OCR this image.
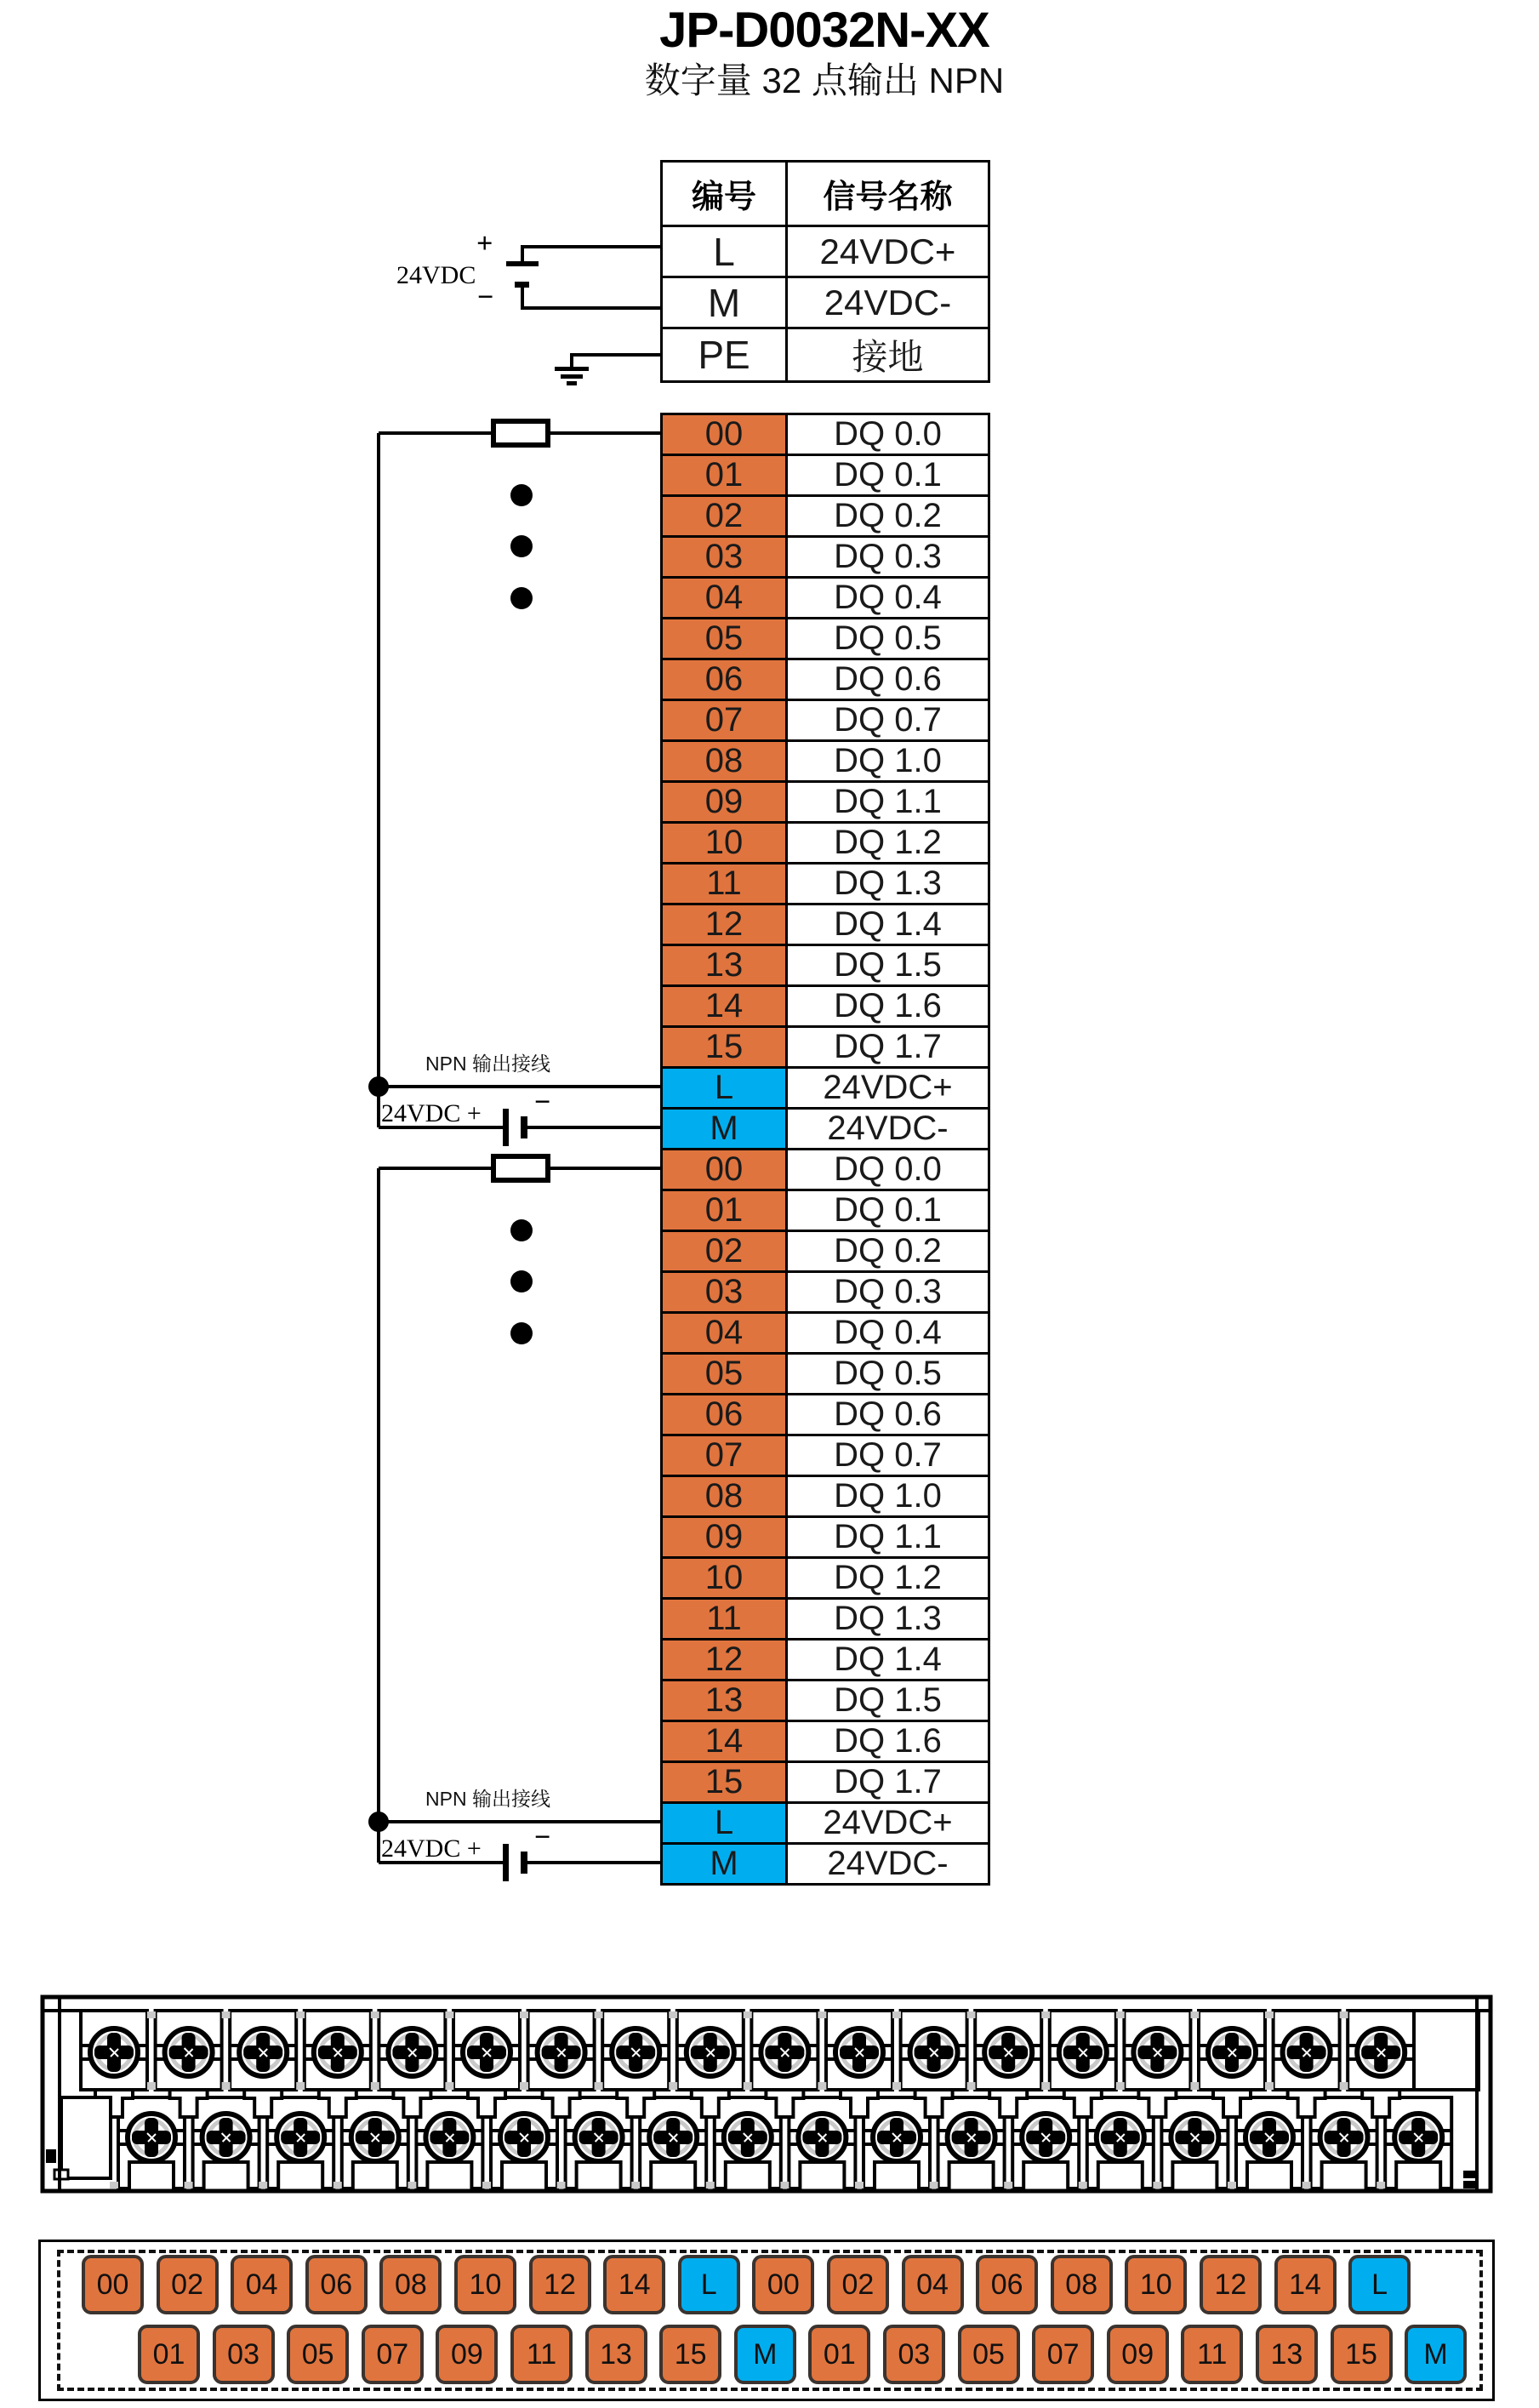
JP-D0032N-XX
数字量 32 点输出 NPN
编号	信号名称
L	24VDC+
M	24VDC-
PE	接地
00	DQ 0.0
01	DQ 0.1
02	DQ 0.2
03	DQ 0.3
04	DQ 0.4
05	DQ 0.5
06	DQ 0.6
07	DQ 0.7
08	DQ 1.0
09	DQ 1.1
10	DQ 1.2
11	DQ 1.3
12	DQ 1.4
13	DQ 1.5
14	DQ 1.6
15	DQ 1.7
L	24VDC+
M	24VDC-
00	DQ 0.0
01	DQ 0.1
02	DQ 0.2
03	DQ 0.3
04	DQ 0.4
05	DQ 0.5
06	DQ 0.6
07	DQ 0.7
08	DQ 1.0
09	DQ 1.1
10	DQ 1.2
11	DQ 1.3
12	DQ 1.4
13	DQ 1.5
14	DQ 1.6
15	DQ 1.7
L	24VDC+
M	24VDC-
+
24VDC
−
NPN 输出接线
24VDC + −
NPN 输出接线
24VDC + −
00	02	04	06	08	10	12	14	L	00	02	04	06	08	10	12	14	L
01	03	05	07	09	11	13	15	M	01	03	05	07	09	11	13	15	M
